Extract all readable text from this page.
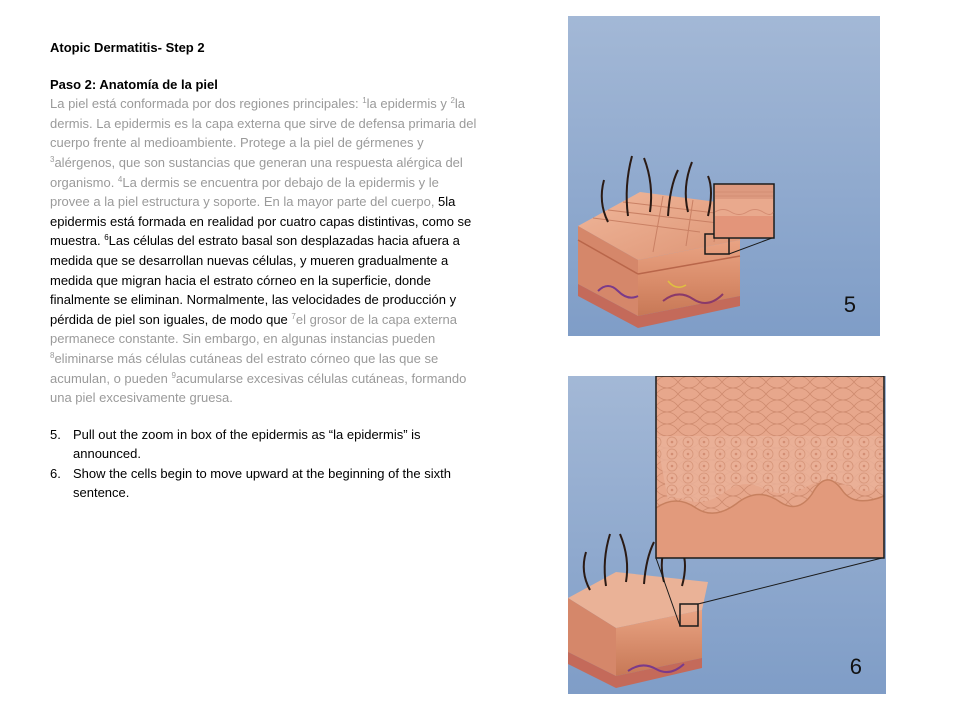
Atopic Dermatitis- Step 2

Paso 2: Anatomía de la piel

La piel está conformada por dos regiones principales: $^1$la epidermis y $^2$la dermis. La epidermis es la capa externa que sirve de defensa primaria del cuerpo frente al medioambiente. Protege a la piel de gérmenes y $^3$alérgenos, que son sustancias que generan una respuesta alérgica del organismo. $^4$La dermis se encuentra por debajo de la epidermis y le provee a la piel estructura y soporte. En la mayor parte del cuerpo, 5la epidermis está formada en realidad por cuatro capas distintivas, como se muestra. $^6$Las células del estrato basal son desplazadas hacia afuera a medida que se desarrollan nuevas células, y mueren gradualmente a medida que migran hacia el estrato córneo en la superficie, donde finalmente se eliminan. Normalmente, las velocidades de producción y pérdida de piel son iguales, de modo que $^7$el grosor de la capa externa permanece constante. Sin embargo, en algunas instancias pueden $^8$eliminarse más células cutáneas del estrato córneo que las que se acumulan, o pueden $^9$acumularse excesivas células cutáneas, formando una piel excesivamente gruesa.

5. Pull out the zoom in box of the epidermis as “la epidermis” is announced.
6. Show the cells begin to move upward at the beginning of the sixth sentence.
5
6
